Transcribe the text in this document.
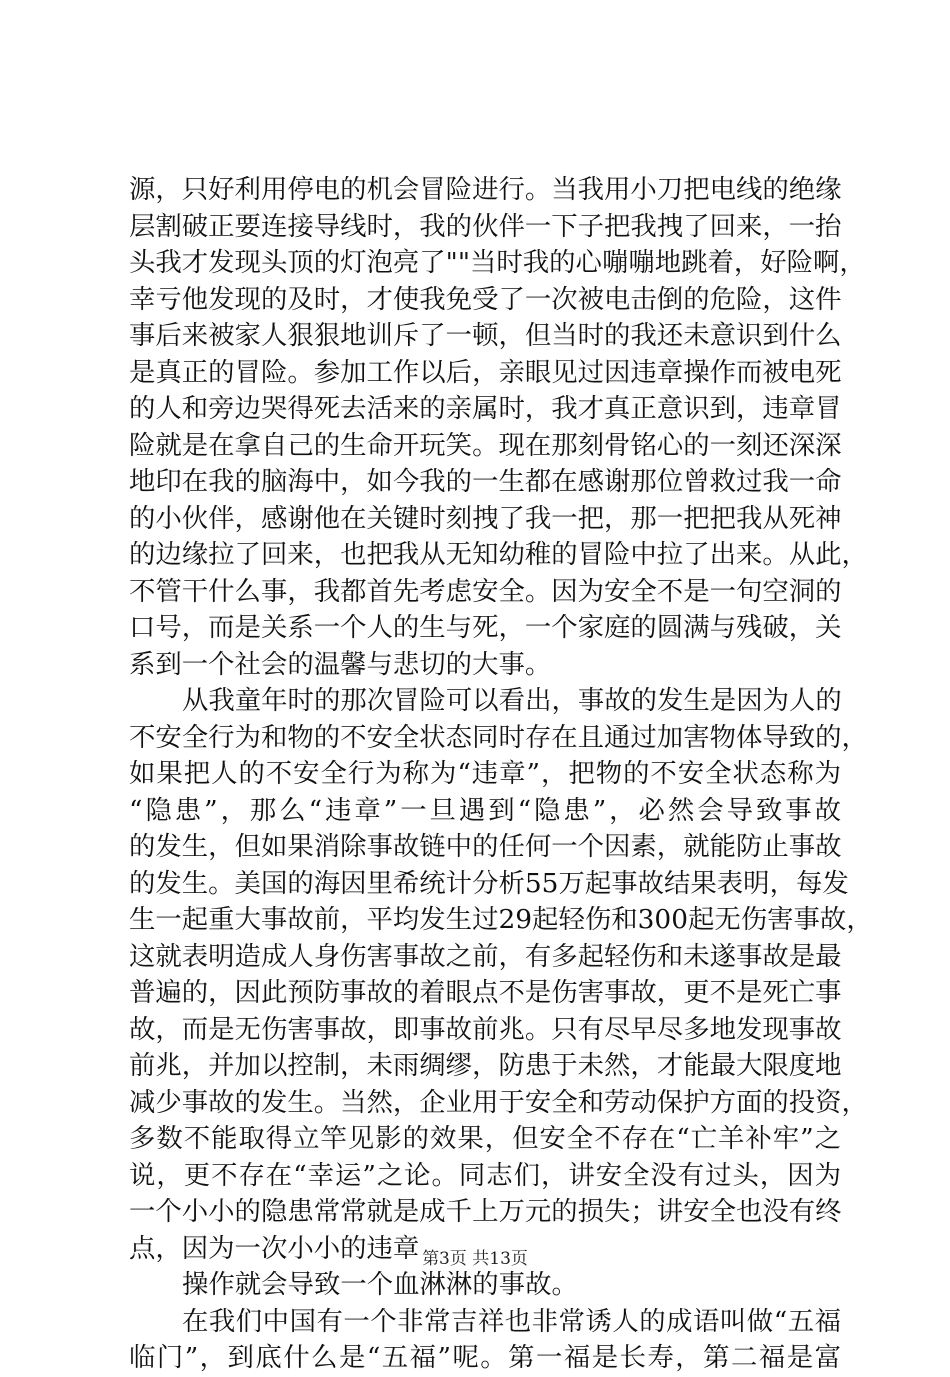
源，只好利用停电的机会冒险进行。当我用小刀把电线的绝缘
层割破正要连接导线时，我的伙伴一下子把我拽了回来，一抬
头我才发现头顶的灯泡亮了""当时我的心嘣嘣地跳着，好险啊，
幸亏他发现的及时，才使我免受了一次被电击倒的危险，这件
事后来被家人狠狠地训斥了一顿，但当时的我还未意识到什么
是真正的冒险。参加工作以后，亲眼见过因违章操作而被电死
的人和旁边哭得死去活来的亲属时，我才真正意识到，违章冒
险就是在拿自己的生命开玩笑。现在那刻骨铭心的一刻还深深
地印在我的脑海中，如今我的一生都在感谢那位曾救过我一命
的小伙伴，感谢他在关键时刻拽了我一把，那一把把我从死神
的边缘拉了回来，也把我从无知幼稚的冒险中拉了出来。从此，
不管干什么事，我都首先考虑安全。因为安全不是一句空洞的
口号，而是关系一个人的生与死，一个家庭的圆满与残破，关
系到一个社会的温馨与悲切的大事。
从我童年时的那次冒险可以看出，事故的发生是因为人的
不安全行为和物的不安全状态同时存在且通过加害物体导致的，
如果把人的不安全行为称为“违章”，把物的不安全状态称为
“隐患”，那么“违章”一旦遇到“隐患”，必然会导致事故
的发生，但如果消除事故链中的任何一个因素，就能防止事故
的发生。美国的海因里希统计分析55万起事故结果表明，每发
生一起重大事故前，平均发生过29起轻伤和300起无伤害事故，
这就表明造成人身伤害事故之前，有多起轻伤和未遂事故是最
普遍的，因此预防事故的着眼点不是伤害事故，更不是死亡事
故，而是无伤害事故，即事故前兆。只有尽早尽多地发现事故
前兆，并加以控制，未雨绸缪，防患于未然，才能最大限度地
减少事故的发生。当然，企业用于安全和劳动保护方面的投资，
多数不能取得立竿见影的效果，但安全不存在“亡羊补牢”之
说，更不存在“幸运”之论。同志们，讲安全没有过头，因为
一个小小的隐患常常就是成千上万元的损失；讲安全也没有终
点，因为一次小小的违章
操作就会导致一个血淋淋的事故。
在我们中国有一个非常吉祥也非常诱人的成语叫做“五福
临门”，到底什么是“五福”呢。第一福是长寿，第二福是富
第3页 共13页
